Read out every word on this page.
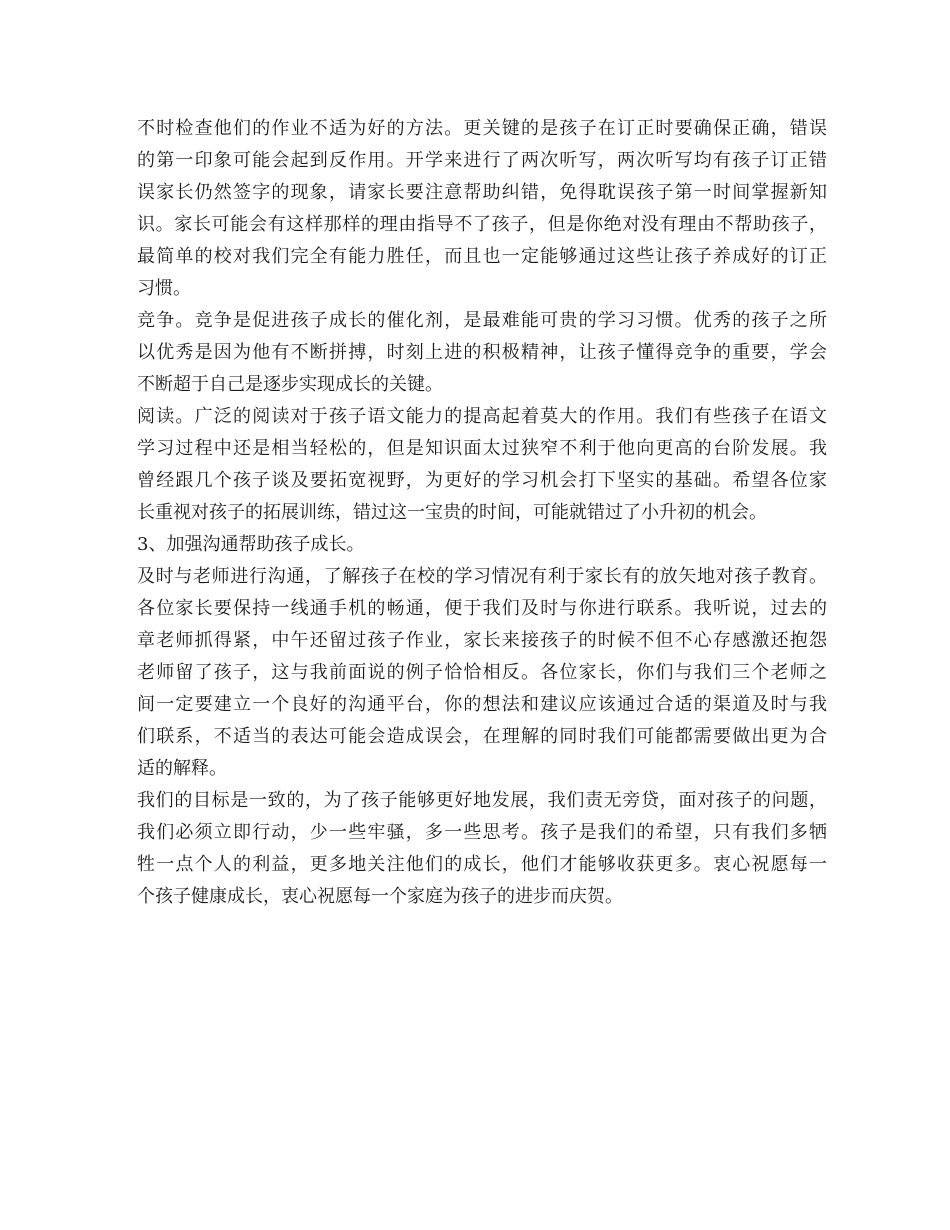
不时检查他们的作业不适为好的方法。更关键的是孩子在订正时要确保正确，错误
的第一印象可能会起到反作用。开学来进行了两次听写，两次听写均有孩子订正错
误家长仍然签字的现象，请家长要注意帮助纠错，免得耽误孩子第一时间掌握新知
识。家长可能会有这样那样的理由指导不了孩子，但是你绝对没有理由不帮助孩子，
最简单的校对我们完全有能力胜任，而且也一定能够通过这些让孩子养成好的订正
习惯。
竞争。竞争是促进孩子成长的催化剂，是最难能可贵的学习习惯。优秀的孩子之所
以优秀是因为他有不断拼搏，时刻上进的积极精神，让孩子懂得竞争的重要，学会
不断超于自己是逐步实现成长的关键。
阅读。广泛的阅读对于孩子语文能力的提高起着莫大的作用。我们有些孩子在语文
学习过程中还是相当轻松的，但是知识面太过狭窄不利于他向更高的台阶发展。我
曾经跟几个孩子谈及要拓宽视野，为更好的学习机会打下坚实的基础。希望各位家
长重视对孩子的拓展训练，错过这一宝贵的时间，可能就错过了小升初的机会。
3、加强沟通帮助孩子成长。
及时与老师进行沟通，了解孩子在校的学习情况有利于家长有的放矢地对孩子教育。
各位家长要保持一线通手机的畅通，便于我们及时与你进行联系。我听说，过去的
章老师抓得紧，中午还留过孩子作业，家长来接孩子的时候不但不心存感激还抱怨
老师留了孩子，这与我前面说的例子恰恰相反。各位家长，你们与我们三个老师之
间一定要建立一个良好的沟通平台，你的想法和建议应该通过合适的渠道及时与我
们联系，不适当的表达可能会造成误会，在理解的同时我们可能都需要做出更为合
适的解释。
我们的目标是一致的，为了孩子能够更好地发展，我们责无旁贷，面对孩子的问题，
我们必须立即行动，少一些牢骚，多一些思考。孩子是我们的希望，只有我们多牺
牲一点个人的利益，更多地关注他们的成长，他们才能够收获更多。衷心祝愿每一
个孩子健康成长，衷心祝愿每一个家庭为孩子的进步而庆贺。
